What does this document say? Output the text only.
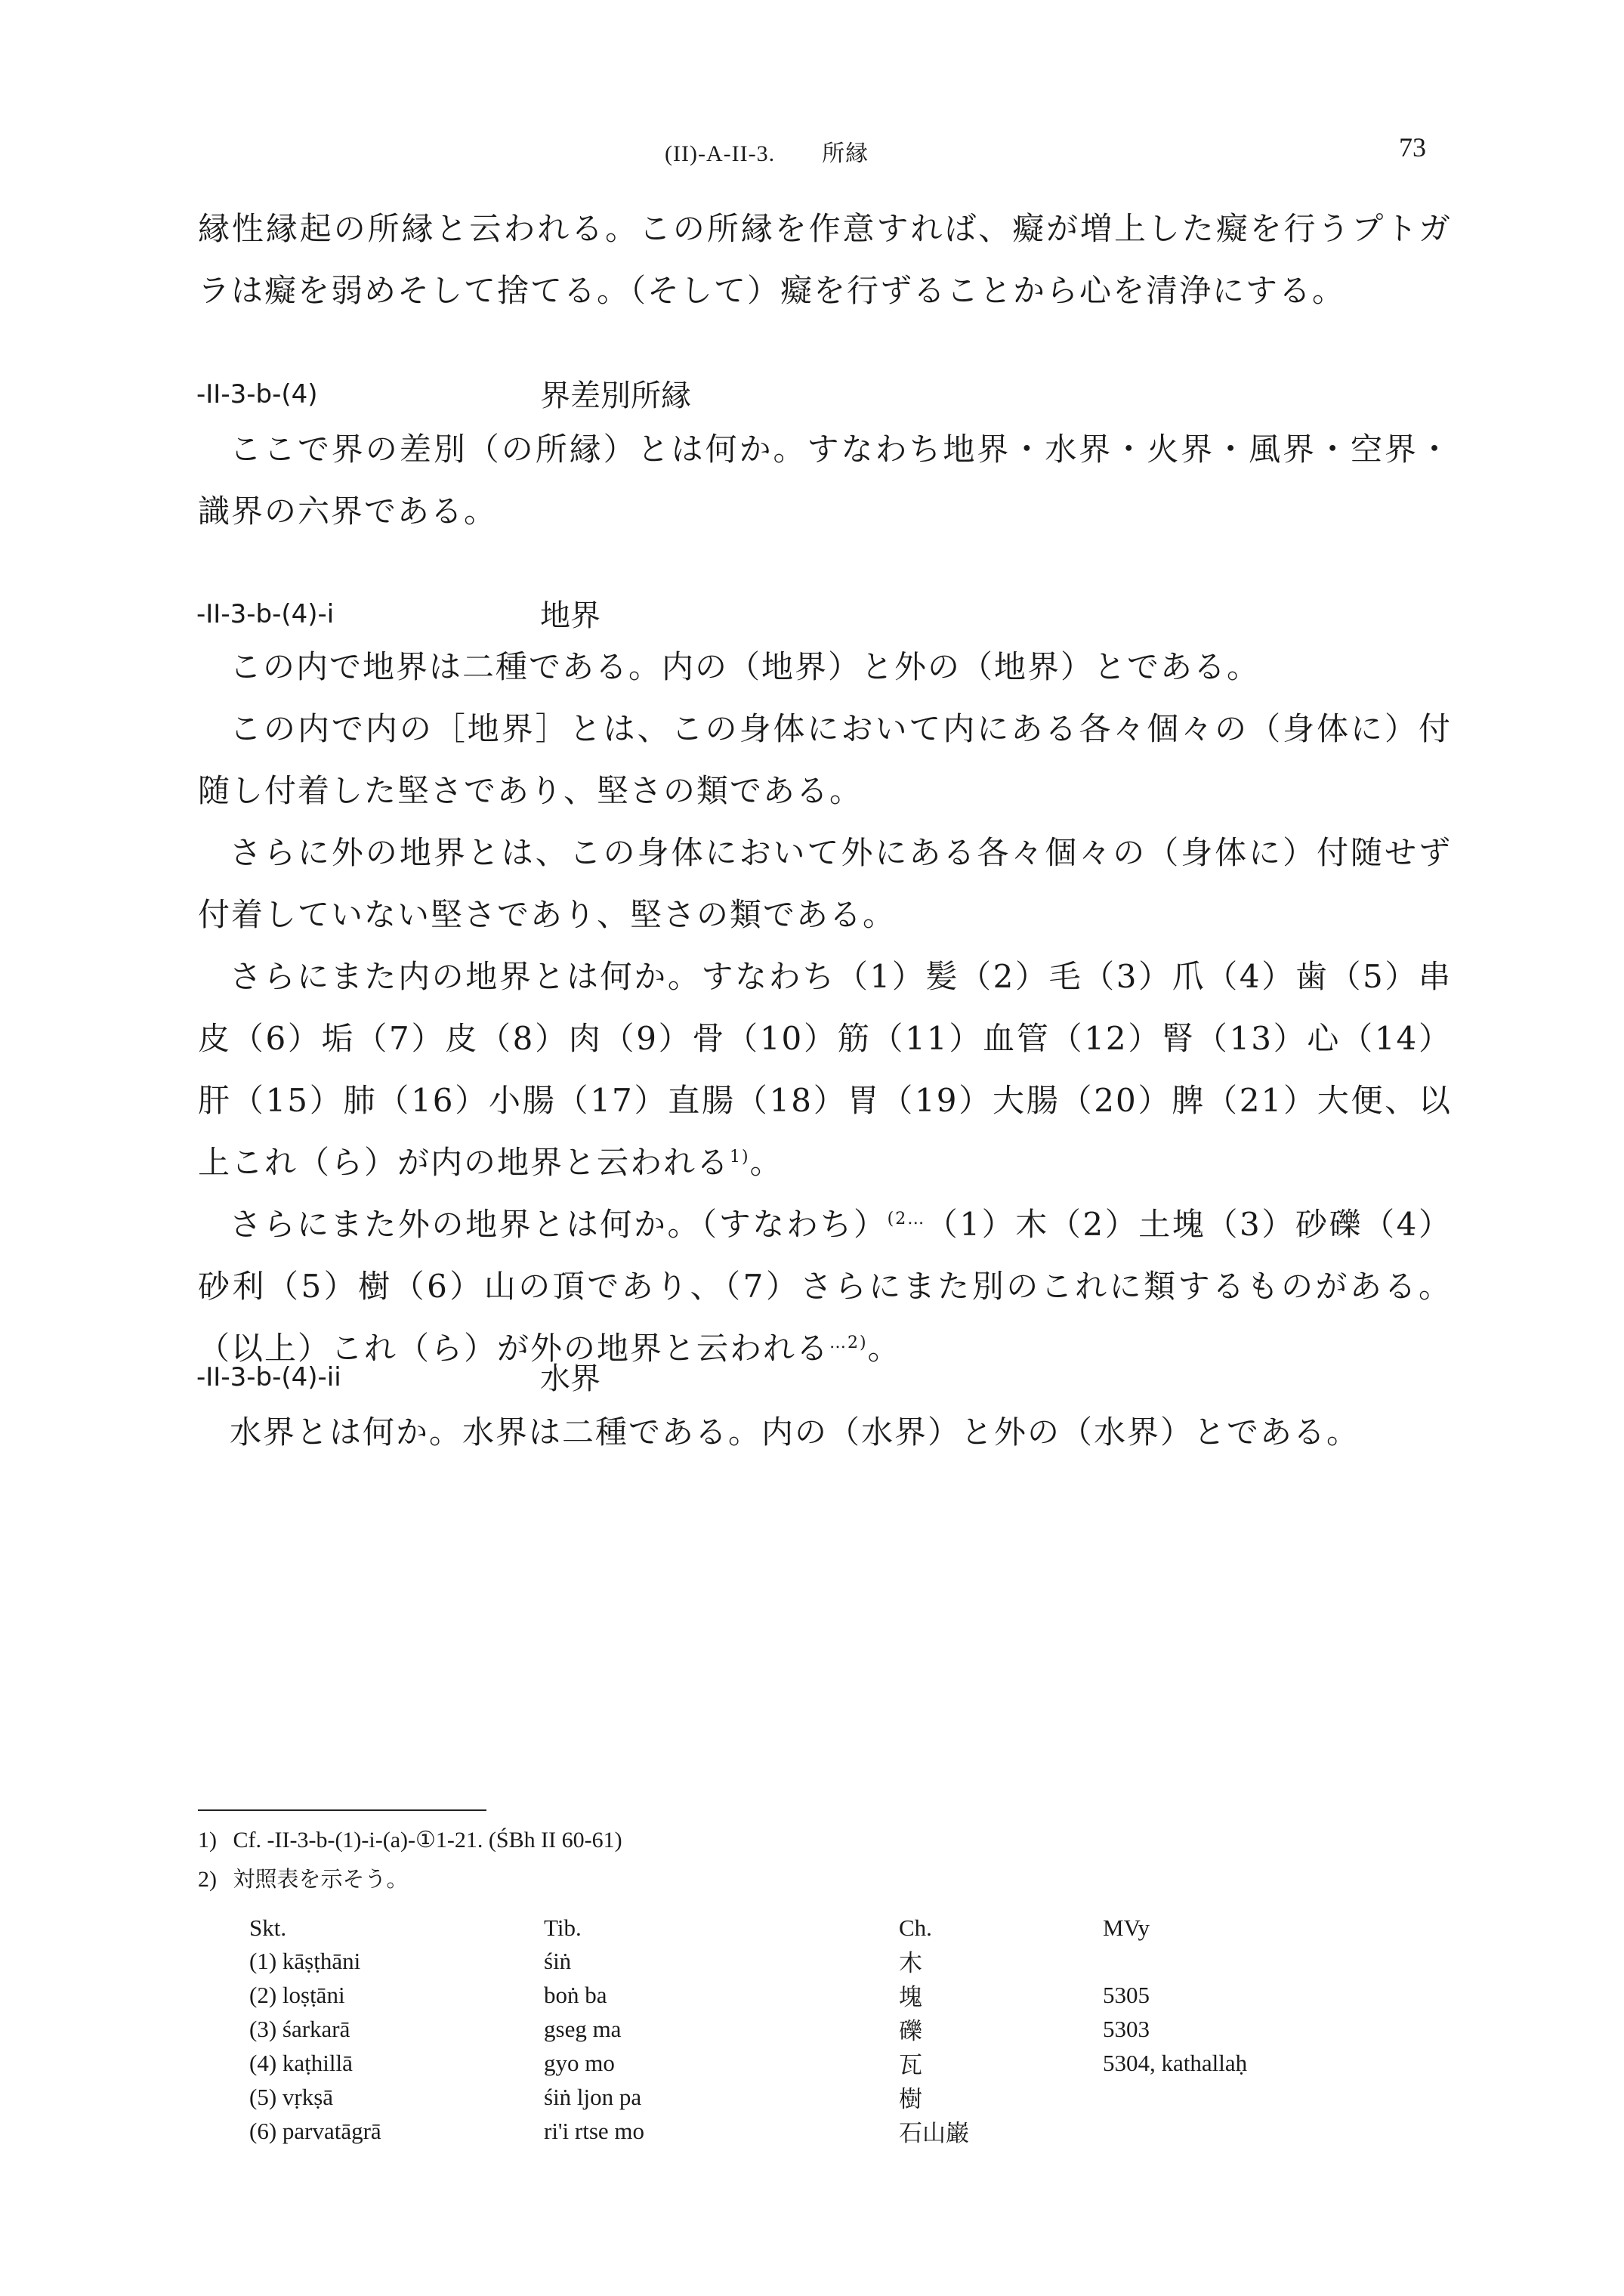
(II)-A-II-3.　　所縁	73

縁性縁起の所縁と云われる。この所縁を作意すれば、癡が増上した癡を行うプトガラは癡を弱めそして捨てる。（そして）癡を行ずることから心を清浄にする。

-II-3-b-(4)	界差別所縁

ここで界の差別（の所縁）とは何か。すなわち地界・水界・火界・風界・空界・識界の六界である。

-II-3-b-(4)-i	地界

この内で地界は二種である。内の（地界）と外の（地界）とである。

この内で内の［地界］とは、この身体において内にある各々個々の（身体に）付随し付着した堅さであり、堅さの類である。

さらに外の地界とは、この身体において外にある各々個々の（身体に）付随せず付着していない堅さであり、堅さの類である。

さらにまた内の地界とは何か。すなわち（1）髪（2）毛（3）爪（4）歯（5）串皮（6）垢（7）皮（8）肉（9）骨（10）筋（11）血管（12）腎（13）心（14）肝（15）肺（16）小腸（17）直腸（18）胃（19）大腸（20）脾（21）大便、以上これ（ら）が内の地界と云われる$^{1)}$。

さらにまた外の地界とは何か。（すなわち）$^{(2\dots}$（1）木（2）土塊（3）砂礫（4）砂利（5）樹（6）山の頂であり、（7）さらにまた別のこれに類するものがある。（以上）これ（ら）が外の地界と云われる$^{\dots 2)}$。

-II-3-b-(4)-ii	水界

水界とは何か。水界は二種である。内の（水界）と外の（水界）とである。

1) Cf. -II-3-b-(1)-i-(a)-①1-21. (ŚBh II 60-61)
2) 対照表を示そう。
Skt.	Tib.	Ch.	MVy
(1) kāṣṭhāni	śiṅ	木	
(2) loṣṭāni	boṅ ba	塊	5305
(3) śarkarā	gseg ma	礫	5303
(4) kaṭhillā	gyo mo	瓦	5304, kathallaḥ
(5) vṛkṣā	śiṅ ljon pa	樹	
(6) parvatāgrā	ri'i rtse mo	石山巌	
